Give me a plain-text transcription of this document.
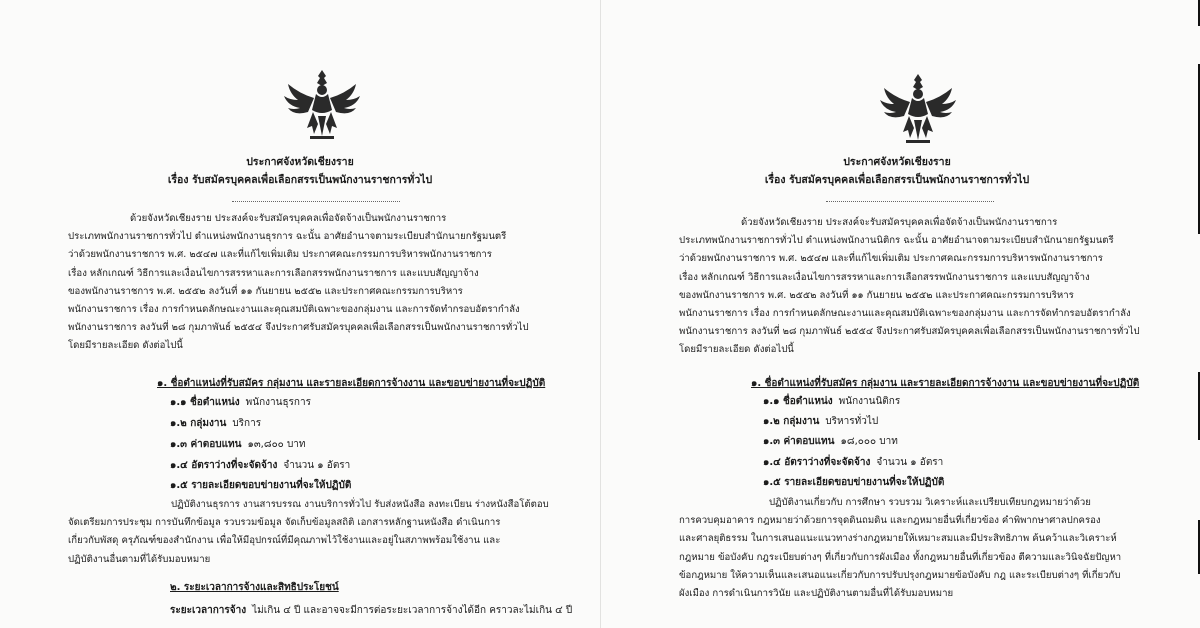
ประกาศจังหวัดเชียงราย
เรื่อง รับสมัครบุคคลเพื่อเลือกสรรเป็นพนักงานราชการทั่วไป
ด้วยจังหวัดเชียงราย ประสงค์จะรับสมัครบุคคลเพื่อจัดจ้างเป็นพนักงานราชการ
ประเภทพนักงานราชการทั่วไป ตำแหน่งพนักงานธุรการ ฉะนั้น อาศัยอำนาจตามระเบียบสำนักนายกรัฐมนตรี
ว่าด้วยพนักงานราชการ พ.ศ. ๒๕๔๗ และที่แก้ไขเพิ่มเติม ประกาศคณะกรรมการบริหารพนักงานราชการ
เรื่อง หลักเกณฑ์ วิธีการและเงื่อนไขการสรรหาและการเลือกสรรพนักงานราชการ และแบบสัญญาจ้าง
ของพนักงานราชการ พ.ศ. ๒๕๕๒ ลงวันที่ ๑๑ กันยายน ๒๕๕๒ และประกาศคณะกรรมการบริหาร
พนักงานราชการ เรื่อง การกำหนดลักษณะงานและคุณสมบัติเฉพาะของกลุ่มงาน และการจัดทำกรอบอัตรากำลัง
พนักงานราชการ ลงวันที่ ๒๘ กุมภาพันธ์ ๒๕๕๔ จึงประกาศรับสมัครบุคคลเพื่อเลือกสรรเป็นพนักงานราชการทั่วไป
โดยมีรายละเอียด ดังต่อไปนี้
๑. ชื่อตำแหน่งที่รับสมัคร กลุ่มงาน และรายละเอียดการจ้างงาน และขอบข่ายงานที่จะปฏิบัติ
๑.๑ ชื่อตำแหน่ง พนักงานธุรการ
๑.๒ กลุ่มงาน บริการ
๑.๓ ค่าตอบแทน ๑๓,๘๐๐ บาท
๑.๔ อัตราว่างที่จะจัดจ้าง จำนวน ๑ อัตรา
๑.๕ รายละเอียดขอบข่ายงานที่จะให้ปฏิบัติ
ปฏิบัติงานธุรการ งานสารบรรณ งานบริการทั่วไป รับส่งหนังสือ ลงทะเบียน ร่างหนังสือโต้ตอบ
จัดเตรียมการประชุม การบันทึกข้อมูล รวบรวมข้อมูล จัดเก็บข้อมูลสถิติ เอกสารหลักฐานหนังสือ ดำเนินการ
เกี่ยวกับพัสดุ ครุภัณฑ์ของสำนักงาน เพื่อให้มีอุปกรณ์ที่มีคุณภาพไว้ใช้งานและอยู่ในสภาพพร้อมใช้งาน และ
ปฏิบัติงานอื่นตามที่ได้รับมอบหมาย
๒. ระยะเวลาการจ้างและสิทธิประโยชน์
ระยะเวลาการจ้าง ไม่เกิน ๔ ปี และอาจจะมีการต่อระยะเวลาการจ้างได้อีก คราวละไม่เกิน ๔ ปี
ประกาศจังหวัดเชียงราย
เรื่อง รับสมัครบุคคลเพื่อเลือกสรรเป็นพนักงานราชการทั่วไป
ด้วยจังหวัดเชียงราย ประสงค์จะรับสมัครบุคคลเพื่อจัดจ้างเป็นพนักงานราชการ
ประเภทพนักงานราชการทั่วไป ตำแหน่งพนักงานนิติกร ฉะนั้น อาศัยอำนาจตามระเบียบสำนักนายกรัฐมนตรี
ว่าด้วยพนักงานราชการ พ.ศ. ๒๕๔๗ และที่แก้ไขเพิ่มเติม ประกาศคณะกรรมการบริหารพนักงานราชการ
เรื่อง หลักเกณฑ์ วิธีการและเงื่อนไขการสรรหาและการเลือกสรรพนักงานราชการ และแบบสัญญาจ้าง
ของพนักงานราชการ พ.ศ. ๒๕๕๒ ลงวันที่ ๑๑ กันยายน ๒๕๕๒ และประกาศคณะกรรมการบริหาร
พนักงานราชการ เรื่อง การกำหนดลักษณะงานและคุณสมบัติเฉพาะของกลุ่มงาน และการจัดทำกรอบอัตรากำลัง
พนักงานราชการ ลงวันที่ ๒๘ กุมภาพันธ์ ๒๕๕๔ จึงประกาศรับสมัครบุคคลเพื่อเลือกสรรเป็นพนักงานราชการทั่วไป
โดยมีรายละเอียด ดังต่อไปนี้
๑. ชื่อตำแหน่งที่รับสมัคร กลุ่มงาน และรายละเอียดการจ้างงาน และขอบข่ายงานที่จะปฏิบัติ
๑.๑ ชื่อตำแหน่ง พนักงานนิติกร
๑.๒ กลุ่มงาน บริหารทั่วไป
๑.๓ ค่าตอบแทน ๑๘,๐๐๐ บาท
๑.๔ อัตราว่างที่จะจัดจ้าง จำนวน ๑ อัตรา
๑.๕ รายละเอียดขอบข่ายงานที่จะให้ปฏิบัติ
ปฏิบัติงานเกี่ยวกับ การศึกษา รวบรวม วิเคราะห์และเปรียบเทียบกฎหมายว่าด้วย
การควบคุมอาคาร กฎหมายว่าด้วยการจุดดินถมดิน และกฎหมายอื่นที่เกี่ยวข้อง คำพิพากษาศาลปกครอง
และศาลยุติธรรม ในการเสนอแนะแนวทางร่างกฎหมายให้เหมาะสมและมีประสิทธิภาพ ค้นคว้าและวิเคราะห์
กฎหมาย ข้อบังคับ กฎระเบียบต่างๆ ที่เกี่ยวกับการผังเมือง ทั้งกฎหมายอื่นที่เกี่ยวข้อง ตีความและวินิจฉัยปัญหา
ข้อกฎหมาย ให้ความเห็นและเสนอแนะเกี่ยวกับการปรับปรุงกฎหมายข้อบังคับ กฎ และระเบียบต่างๆ ที่เกี่ยวกับ
ผังเมือง การดำเนินการวินัย และปฏิบัติงานตามอื่นที่ได้รับมอบหมาย
